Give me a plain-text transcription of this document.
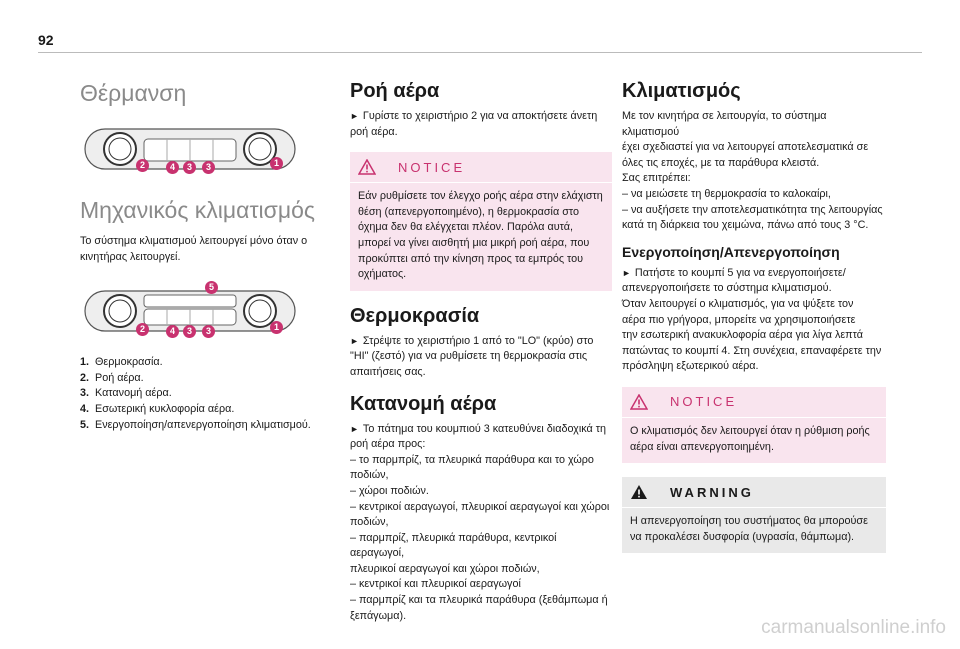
92
Θέρμανση
2	4	3	3	1
Μηχανικός κλιματισμός

Το σύστημα κλιματισμού λειτουργεί μόνο όταν ο κινητήρας λειτουργεί.

5
2	4	3	3	1
1. Θερμοκρασία.
2. Ροή αέρα.
3. Κατανομή αέρα.
4. Εσωτερική κυκλοφορία αέρα.
5. Ενεργοποίηση/απενεργοποίηση κλιματισμού.
Ροή αέρα

► Γυρίστε το χειριστήριο 2 για να αποκτήσετε άνετη

ροή αέρα.

NOTICE

Εάν ρυθμίσετε τον έλεγχο ροής αέρα στην ελάχιστη

θέση (απενεργοποιημένο), η θερμοκρασία στο

όχημα δεν θα ελέγχεται πλέον. Παρόλα αυτά,

μπορεί να γίνει αισθητή μια μικρή ροή αέρα, που

προκύπτει από την κίνηση προς τα εμπρός του

οχήματος.

Θερμοκρασία

► Στρέψτε το χειριστήριο 1 από το "LO" (κρύο) στο

"HI" (ζεστό) για να ρυθμίσετε τη θερμοκρασία στις

απαιτήσεις σας.

Κατανομή αέρα

► Το πάτημα του κουμπιού 3 κατευθύνει διαδοχικά τη

ροή αέρα προς:

– το παρμπρίζ, τα πλευρικά παράθυρα και το χώρο

ποδιών,

– χώροι ποδιών.

– κεντρικοί αεραγωγοί, πλευρικοί αεραγωγοί και χώροι

ποδιών,

– παρμπρίζ, πλευρικά παράθυρα, κεντρικοί αεραγωγοί,

πλευρικοί αεραγωγοί και χώροι ποδιών,

– κεντρικοί και πλευρικοί αεραγωγοί

– παρμπρίζ και τα πλευρικά παράθυρα (ξεθάμπωμα ή

ξεπάγωμα).

Κλιματισμός

Με τον κινητήρα σε λειτουργία, το σύστημα κλιματισμού

έχει σχεδιαστεί για να λειτουργεί αποτελεσματικά σε

όλες τις εποχές, με τα παράθυρα κλειστά.

Σας επιτρέπει:

– να μειώσετε τη θερμοκρασία το καλοκαίρι,

– να αυξήσετε την αποτελεσματικότητα της λειτουργίας

κατά τη διάρκεια του χειμώνα, πάνω από τους 3 °C.

Ενεργοποίηση/Απενεργοποίηση

► Πατήστε το κουμπί 5 για να ενεργοποιήσετε/

απενεργοποιήσετε το σύστημα κλιματισμού.

Όταν λειτουργεί ο κλιματισμός, για να ψύξετε τον

αέρα πιο γρήγορα, μπορείτε να χρησιμοποιήσετε

την εσωτερική ανακυκλοφορία αέρα για λίγα λεπτά

πατώντας το κουμπί 4. Στη συνέχεια, επαναφέρετε την

πρόσληψη εξωτερικού αέρα.

NOTICE

Ο κλιματισμός δεν λειτουργεί όταν η ρύθμιση ροής

αέρα είναι απενεργοποιημένη.

WARNING

Η απενεργοποίηση του συστήματος θα μπορούσε

να προκαλέσει δυσφορία (υγρασία, θάμπωμα).

carmanualsonline.info
